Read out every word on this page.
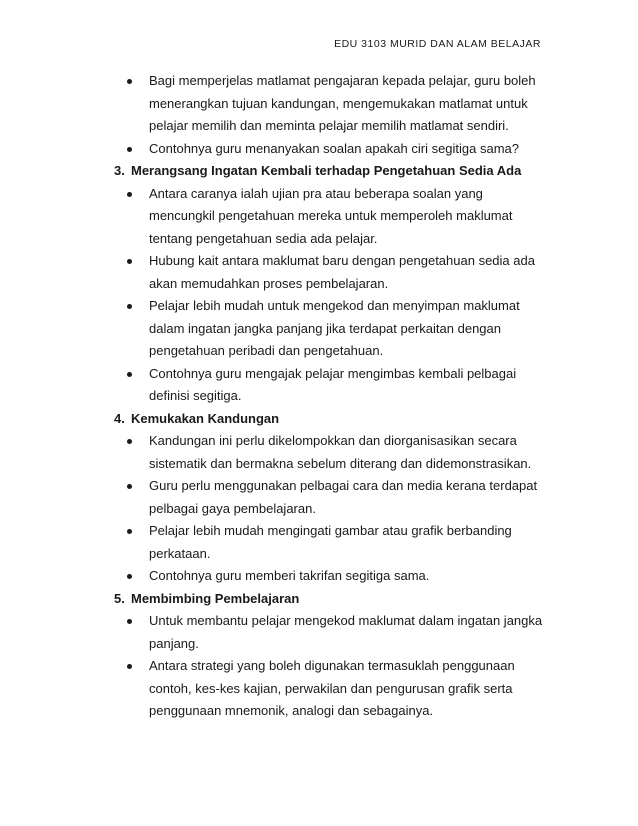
EDU 3103 MURID DAN ALAM BELAJAR
Bagi memperjelas matlamat pengajaran kepada pelajar, guru boleh menerangkan tujuan kandungan, mengemukakan matlamat untuk pelajar memilih dan meminta pelajar memilih matlamat sendiri.
Contohnya guru menanyakan soalan apakah ciri segitiga sama?
3. Merangsang Ingatan Kembali terhadap Pengetahuan Sedia Ada
Antara caranya ialah ujian pra atau beberapa soalan yang mencungkil pengetahuan mereka untuk memperoleh maklumat tentang pengetahuan sedia ada pelajar.
Hubung kait antara maklumat baru dengan pengetahuan sedia ada akan memudahkan proses pembelajaran.
Pelajar lebih mudah untuk mengekod dan menyimpan maklumat dalam ingatan jangka panjang jika terdapat perkaitan dengan pengetahuan peribadi dan pengetahuan.
Contohnya guru mengajak pelajar mengimbas kembali pelbagai definisi segitiga.
4. Kemukakan Kandungan
Kandungan ini perlu dikelompokkan dan diorganisasikan secara sistematik dan bermakna sebelum diterang dan didemonstrasikan.
Guru perlu menggunakan pelbagai cara dan media kerana terdapat pelbagai gaya pembelajaran.
Pelajar lebih mudah mengingati gambar atau grafik berbanding perkataan.
Contohnya guru memberi takrifan segitiga sama.
5. Membimbing Pembelajaran
Untuk membantu pelajar mengekod maklumat dalam ingatan jangka panjang.
Antara strategi yang boleh digunakan termasuklah penggunaan contoh, kes-kes kajian, perwakilan dan pengurusan grafik serta penggunaan mnemonik, analogi dan sebagainya.
